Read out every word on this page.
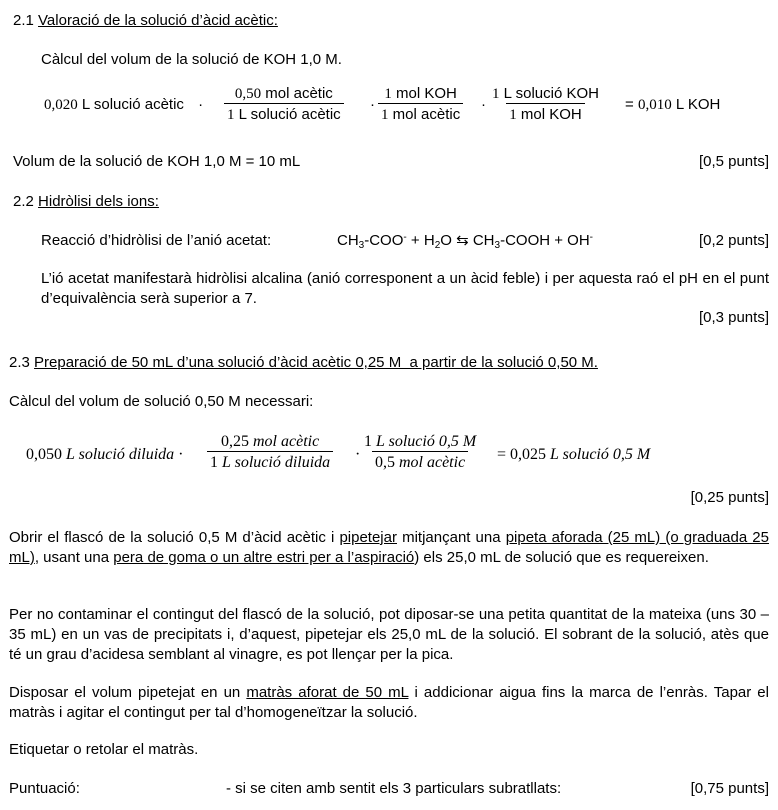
2.1 Valoració de la solució d’àcid acètic:
Càlcul del volum de la solució de KOH 1,0 M.
0,020 L solució acètic ·
0,50 mol acètic
1 L solució acètic
·
1 mol KOH
1 mol acètic
·
1 L solució KOH
1 mol KOH
= 0,010 L KOH
Volum de la solució de KOH 1,0 M = 10 mL	[0,5 punts]
2.2 Hidròlisi dels ions:
Reacció d’hidròlisi de l’anió acetat:	$CH_3-COO^- + H_2O$ ⇆ $CH_3$-COOH + OH-	[0,2 punts]
L’ió acetat manifestarà hidròlisi alcalina (anió corresponent a un àcid feble) i per aquesta raó el pH en el punt d’equivalència serà superior a 7.
[0,3 punts]
2.3 Preparació de 50 mL d’una solució d’àcid acètic 0,25 M  a partir de la solució 0,50 M.
Càlcul del volum de solució 0,50 M necessari:
0,050 L solució diluida ·
0,25 mol acètic
1 L solució diluida ·
1 L solució 0,5 M
0,5 mol acètic = 0,025 L solució 0,5 M
[0,25 punts]
Obrir el flascó de la solució 0,5 M d’àcid acètic i pipetejar mitjançant una pipeta aforada (25 mL) (o graduada 25 mL), usant una pera de goma o un altre estri per a l’aspiració) els 25,0 mL de solució que es requereixen.
Per no contaminar el contingut del flascó de la solució, pot diposar-se una petita quantitat de la mateixa (uns 30 – 35 mL) en un vas de precipitats i, d’aquest, pipetejar els 25,0 mL de la solució. El sobrant de la solució, atès que té un grau d’acidesa semblant al vinagre, es pot llençar per la pica.
Disposar el volum pipetejat en un matràs aforat de 50 mL i addicionar aigua fins la marca de l’enràs. Tapar el matràs i agitar el contingut per tal d’homogeneïtzar la solució.
Etiquetar o retolar el matràs.
Puntuació:	- si se citen amb sentit els 3 particulars subratllats:	[0,75 punts]
